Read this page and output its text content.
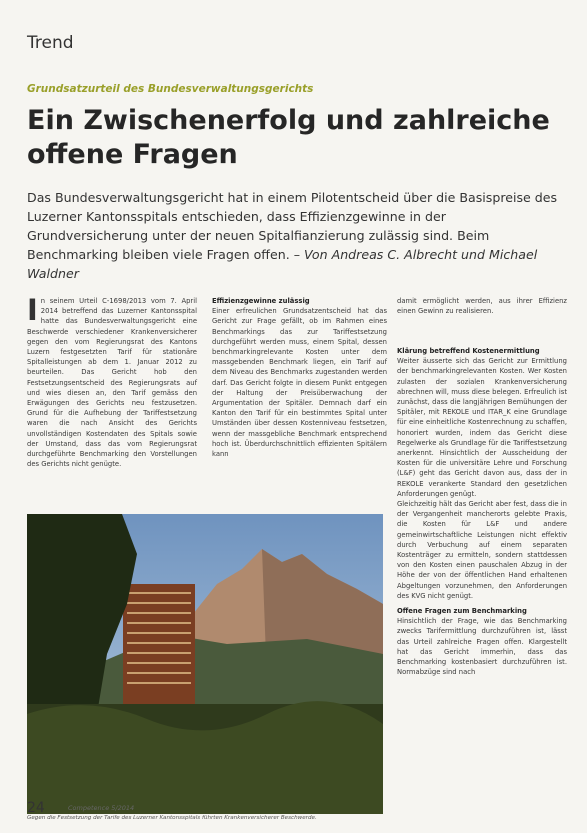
Trend
Grundsatzurteil des Bundesverwaltungsgerichts
Ein Zwischenerfolg und zahlreiche offene Fragen

Das Bundesverwaltungsgericht hat in einem Pilotentscheid über die Basispreise des Luzerner Kantonsspitals entschieden, dass Effizienzgewinne in der Grundversicherung unter der neuen Spitalfianzierung zulässig sind. Beim Benchmarking bleiben viele Fragen offen. – Von Andreas C. Albrecht und Michael Waldner

In seinem Urteil C-1698/2013 vom 7. April 2014 betreffend das Luzerner Kantonsspital hatte das Bundesverwaltungsgericht eine Beschwerde verschiedener Krankenversicherer gegen den vom Regierungsrat des Kantons Luzern festgesetzten Tarif für stationäre Spitalleistungen ab dem 1. Januar 2012 zu beurteilen. Das Gericht hob den Festsetzungsentscheid des Regierungsrats auf und wies diesen an, den Tarif gemäss den Erwägungen des Gerichts neu festzusetzen. Grund für die Aufhebung der Tariffestsetzung waren die nach Ansicht des Gerichts unvollständigen Kostendaten des Spitals sowie der Umstand, dass das vom Regierungsrat durchgeführte Benchmarking den Vorstellungen des Gerichts nicht genügte.
Effizienzgewinne zulässig
Einer erfreulichen Grundsatzentscheid hat das Gericht zur Frage gefällt, ob im Rahmen eines Benchmarkings das zur Tariffestsetzung durchgeführt werden muss, einem Spital, dessen benchmarkingrelevante Kosten unter dem massgebenden Benchmark liegen, ein Tarif auf dem Niveau des Benchmarks zugestanden werden darf. Das Gericht folgte in diesem Punkt entgegen der Haltung der Preisüberwachung der Argumentation der Spitäler. Demnach darf ein Kanton den Tarif für ein bestimmtes Spital unter Umständen über dessen Kostenniveau festsetzen, wenn der massgebliche Benchmark entsprechend hoch ist. Überdurchschnittlich effizienten Spitälern kann
damit ermöglicht werden, aus ihrer Effizienz einen Gewinn zu realisieren.
Klärung betreffend Kostenermittlung
Weiter äusserte sich das Gericht zur Ermittlung der benchmarkingrelevanten Kosten. Wer Kosten zulasten der sozialen Krankenversicherung abrechnen will, muss diese belegen. Erfreulich ist zunächst, dass die langjährigen Bemühungen der Spitäler, mit REKOLE und ITAR_K eine Grundlage für eine einheitliche Kostenrechnung zu schaffen, honoriert wurden, indem das Gericht diese Regelwerke als Grundlage für die Tariffestsetzung anerkennt. Hinsichtlich der Ausscheidung der Kosten für die universitäre Lehre und Forschung (L&F) geht das Gericht davon aus, dass der in REKOLE verankerte Standard den gesetzlichen Anforderungen genügt.
Gleichzeitig hält das Gericht aber fest, dass die in der Vergangenheit mancherorts gelebte Praxis, die Kosten für L&F und andere gemeinwirtschaftliche Leistungen nicht effektiv durch Verbuchung auf einem separaten Kostenträger zu ermitteln, sondern stattdessen von den Kosten einen pauschalen Abzug in der Höhe der von der öffentlichen Hand erhaltenen Abgeltungen vorzunehmen, den Anforderungen des KVG nicht genügt.
Offene Fragen zum Benchmarking
Hinsichtlich der Frage, wie das Benchmarking zwecks Tarifermittlung durchzuführen ist, lässt das Urteil zahlreiche Fragen offen. Klargestellt hat das Gericht immerhin, dass das Benchmarking kostenbasiert durchzuführen ist. Normabzüge sind nach

Gegen die Festsetzung der Tarife des Luzerner Kantonsspitals führten Krankenversicherer Beschwerde.

24	Competence 5/2014
